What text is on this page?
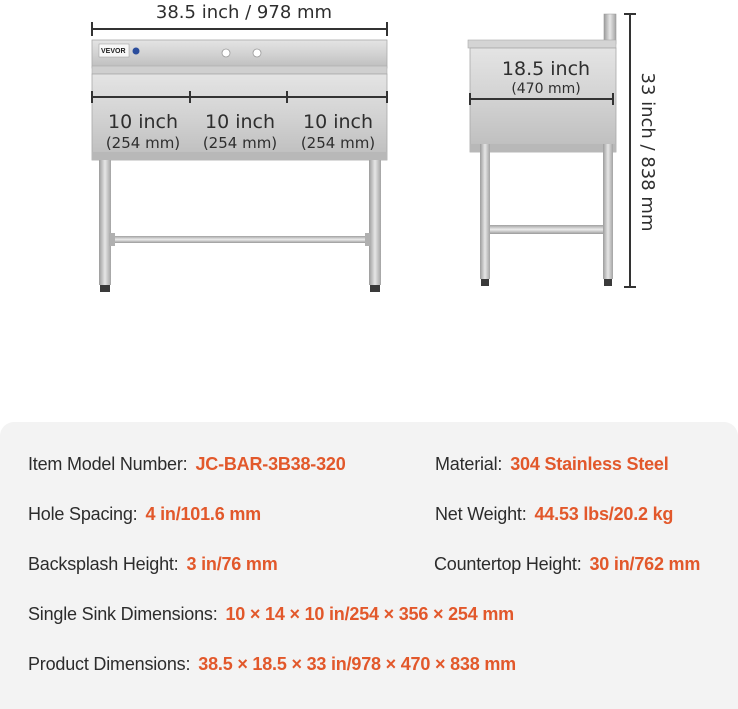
38.5 inch / 978 mm
VEVOR
10 inch
(254 mm)
10 inch
(254 mm)
10 inch
(254 mm)
18.5 inch
(470 mm)	33 inch / 838 mm
Item Model Number: JC-BAR-3B38-320	Material: 304 Stainless Steel
Hole Spacing: 4 in/101.6 mm	Net Weight: 44.53 lbs/20.2 kg
Backsplash Height: 3 in/76 mm	Countertop Height: 30 in/762 mm
Single Sink Dimensions: 10 × 14 × 10 in/254 × 356 × 254 mm
Product Dimensions: 38.5 × 18.5 × 33 in/978 × 470 × 838 mm
